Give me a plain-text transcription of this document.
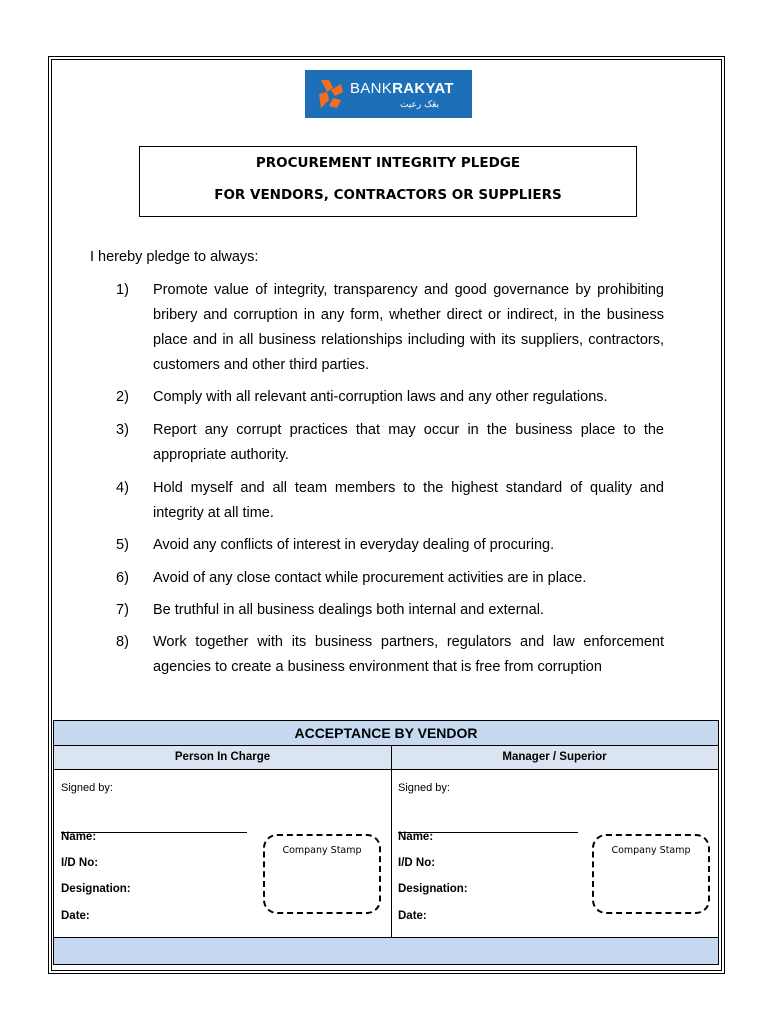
BANKRAKYAT
بڠک رعيت
PROCUREMENT INTEGRITY PLEDGE
FOR VENDORS, CONTRACTORS OR SUPPLIERS
I hereby pledge to always:
1) Promote value of integrity, transparency and good governance by prohibiting bribery and corruption in any form, whether direct or indirect, in the business place and in all business relationships including with its suppliers, contractors, customers and other third parties.
2) Comply with all relevant anti-corruption laws and any other regulations.
3) Report any corrupt practices that may occur in the business place to the appropriate authority.
4) Hold myself and all team members to the highest standard of quality and integrity at all time.
5) Avoid any conflicts of interest in everyday dealing of procuring.
6) Avoid of any close contact while procurement activities are in place.
7) Be truthful in all business dealings both internal and external.
8) Work together with its business partners, regulators and law enforcement agencies to create a business environment that is free from corruption
ACCEPTANCE BY VENDOR
Person In Charge	Manager / Superior
Signed by:
Name:
I/D No:
Designation:
Date:
Company Stamp
Signed by:
Name:
I/D No:
Designation:
Date:
Company Stamp
